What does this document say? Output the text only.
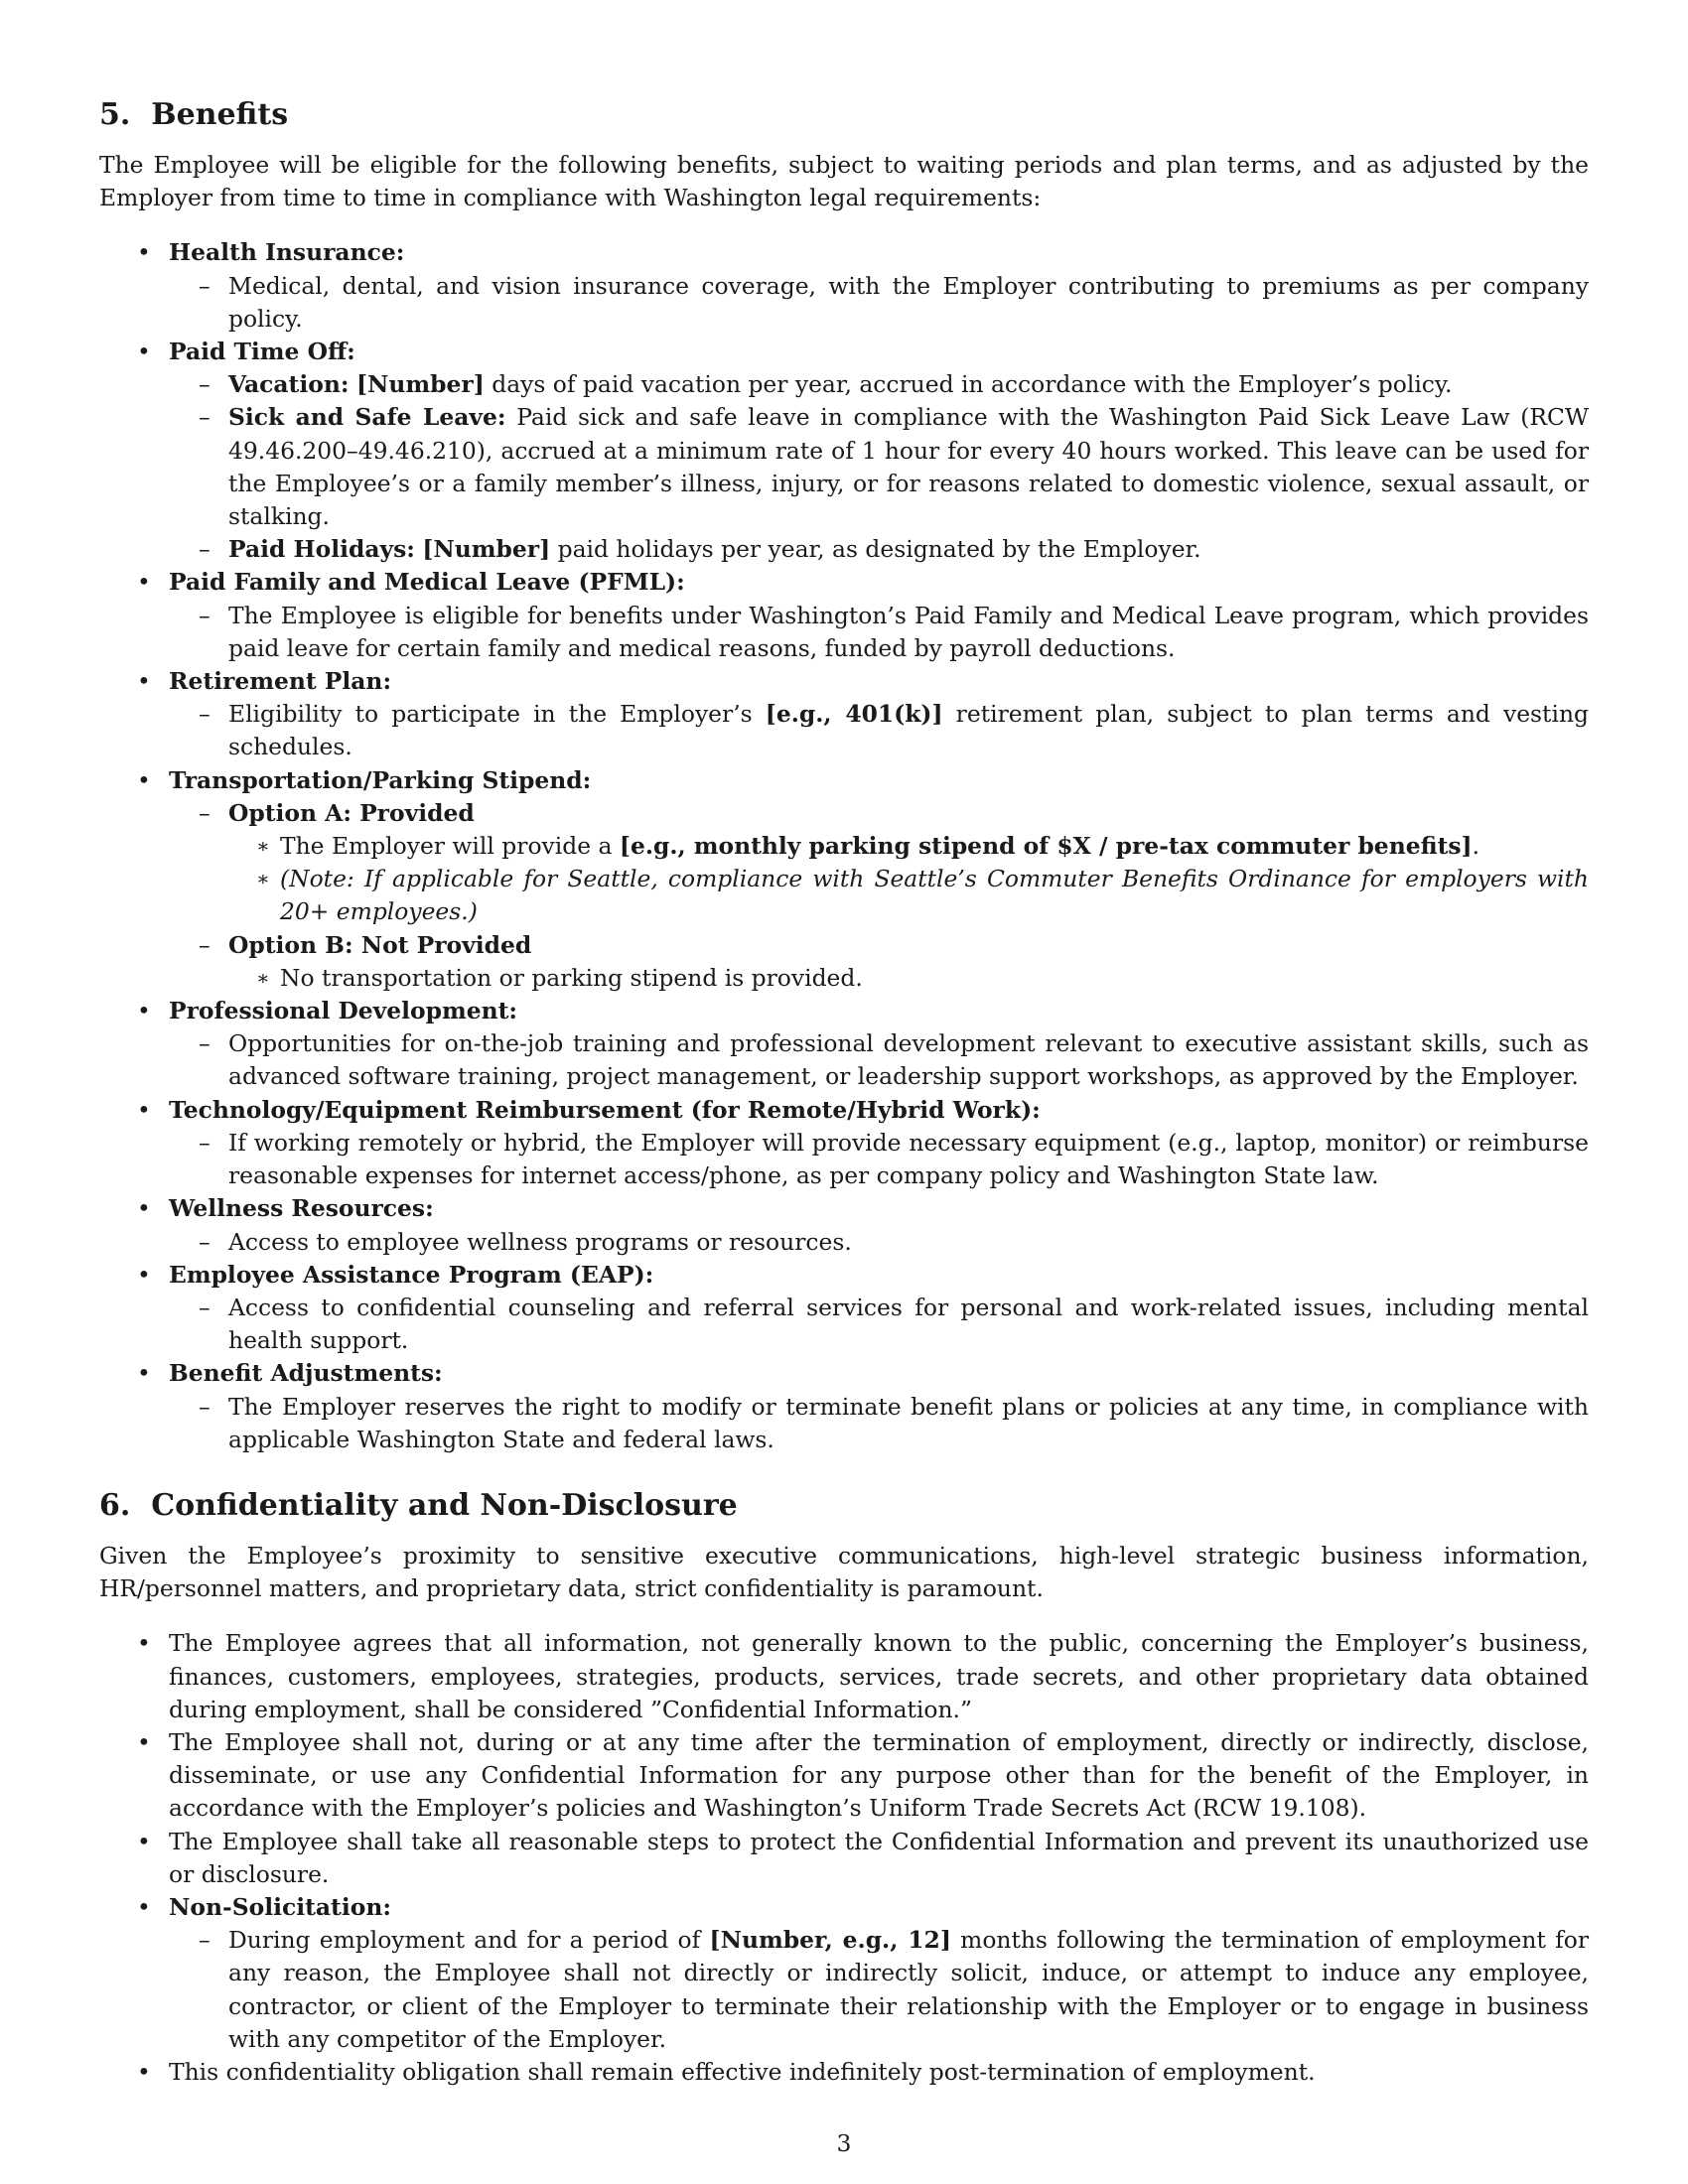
5. Benefits

The Employee will be eligible for the following benefits, subject to waiting periods and plan terms, and as adjusted by the Employer from time to time in compliance with Washington legal requirements:

• Health Insurance:
– Medical, dental, and vision insurance coverage, with the Employer contributing to premiums as per company policy.
• Paid Time Off:
– Vacation: [Number] days of paid vacation per year, accrued in accordance with the Employer’s policy.
– Sick and Safe Leave: Paid sick and safe leave in compliance with the Washington Paid Sick Leave Law (RCW 49.46.200–49.46.210), accrued at a minimum rate of 1 hour for every 40 hours worked. This leave can be used for the Employee’s or a family member’s illness, injury, or for reasons related to domestic violence, sexual assault, or stalking.
– Paid Holidays: [Number] paid holidays per year, as designated by the Employer.
• Paid Family and Medical Leave (PFML):
– The Employee is eligible for benefits under Washington’s Paid Family and Medical Leave program, which provides paid leave for certain family and medical reasons, funded by payroll deductions.
• Retirement Plan:
– Eligibility to participate in the Employer’s [e.g., 401(k)] retirement plan, subject to plan terms and vesting schedules.
• Transportation/Parking Stipend:
– Option A: Provided
∗ The Employer will provide a [e.g., monthly parking stipend of $X / pre-tax commuter benefits].
∗ (Note: If applicable for Seattle, compliance with Seattle’s Commuter Benefits Ordinance for employers with 20+ employees.)
– Option B: Not Provided
∗ No transportation or parking stipend is provided.
• Professional Development:
– Opportunities for on-the-job training and professional development relevant to executive assistant skills, such as advanced software training, project management, or leadership support workshops, as approved by the Employer.
• Technology/Equipment Reimbursement (for Remote/Hybrid Work):
– If working remotely or hybrid, the Employer will provide necessary equipment (e.g., laptop, monitor) or reimburse reasonable expenses for internet access/phone, as per company policy and Washington State law.
• Wellness Resources:
– Access to employee wellness programs or resources.
• Employee Assistance Program (EAP):
– Access to confidential counseling and referral services for personal and work-related issues, including mental health support.
• Benefit Adjustments:
– The Employer reserves the right to modify or terminate benefit plans or policies at any time, in compliance with applicable Washington State and federal laws.
6. Confidentiality and Non-Disclosure

Given the Employee’s proximity to sensitive executive communications, high-level strategic business information, HR/personnel matters, and proprietary data, strict confidentiality is paramount.

• The Employee agrees that all information, not generally known to the public, concerning the Employer’s business, finances, customers, employees, strategies, products, services, trade secrets, and other proprietary data obtained during employment, shall be considered ”Confidential Information.”
• The Employee shall not, during or at any time after the termination of employment, directly or indirectly, disclose, disseminate, or use any Confidential Information for any purpose other than for the benefit of the Employer, in accordance with the Employer’s policies and Washington’s Uniform Trade Secrets Act (RCW 19.108).
• The Employee shall take all reasonable steps to protect the Confidential Information and prevent its unauthorized use or disclosure.
• Non-Solicitation:
– During employment and for a period of [Number, e.g., 12] months following the termination of employment for any reason, the Employee shall not directly or indirectly solicit, induce, or attempt to induce any employee, contractor, or client of the Employer to terminate their relationship with the Employer or to engage in business with any competitor of the Employer.
• This confidentiality obligation shall remain effective indefinitely post-termination of employment.
3
